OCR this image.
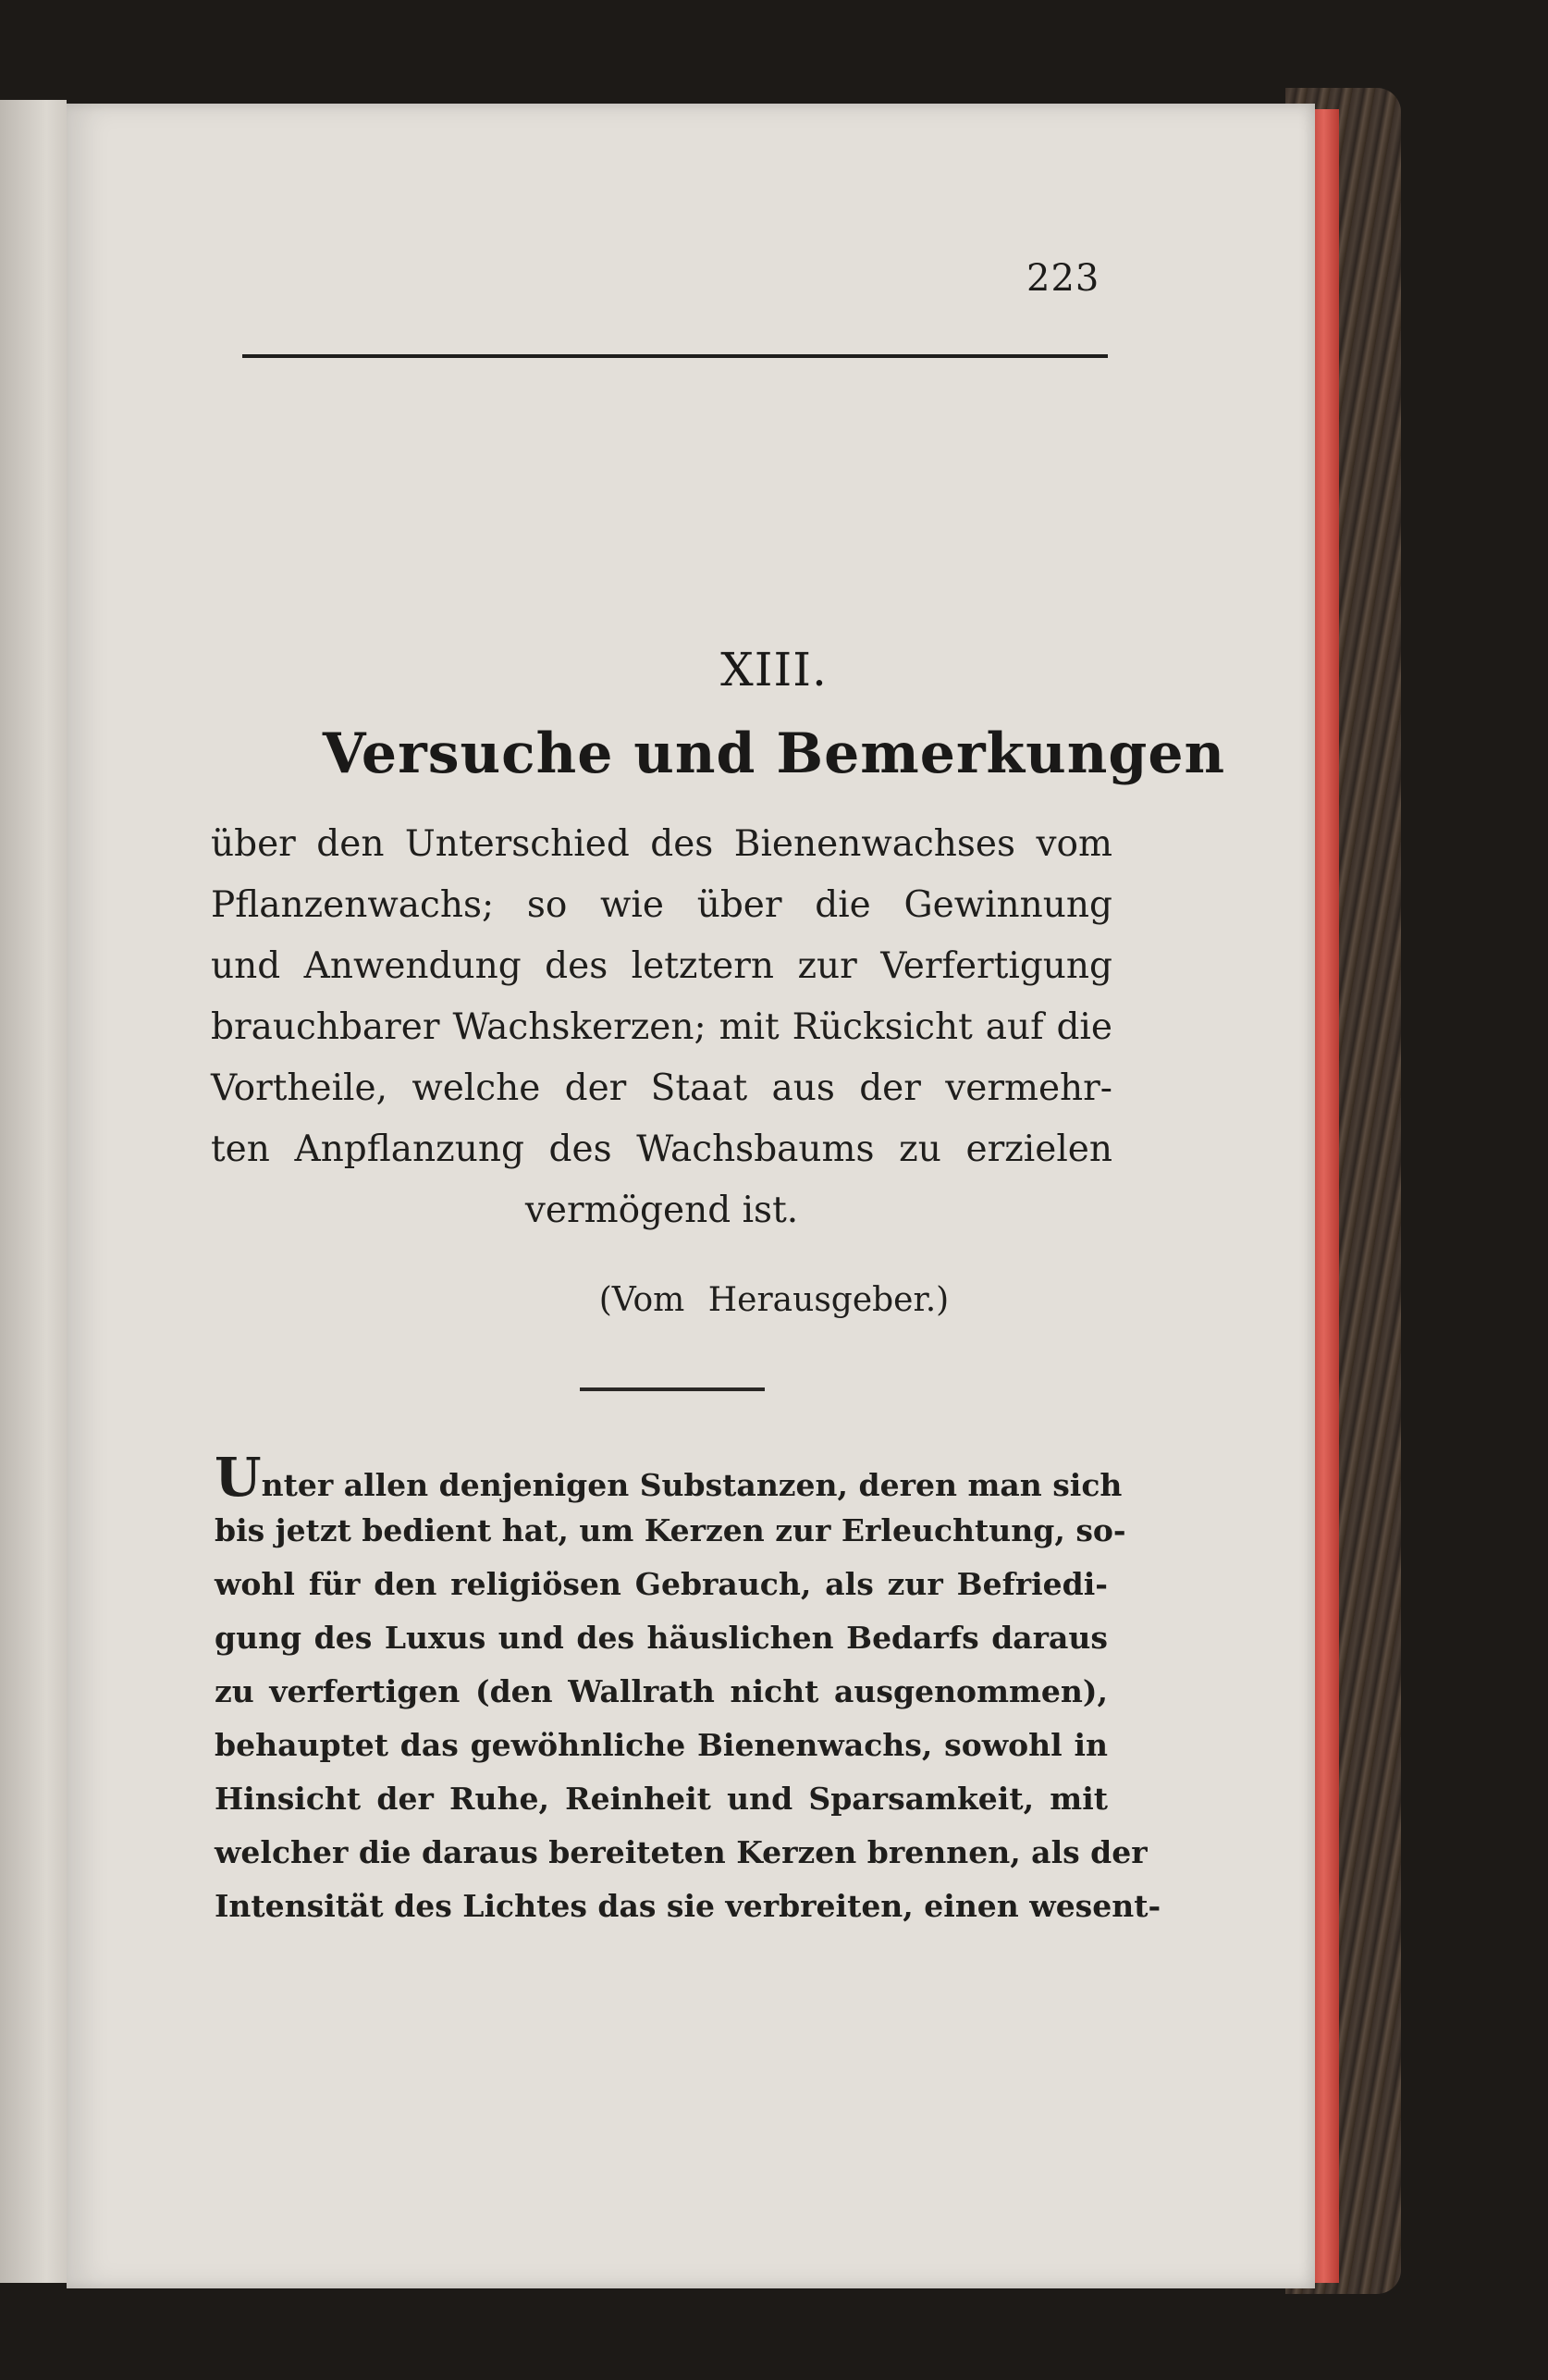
223
XIII.
Versuche und Bemerkungen
über den Unterschied des Bienenwachses vom
Pflanzenwachs; so wie über die Gewinnung
und Anwendung des letztern zur Verfertigung
brauchbarer Wachskerzen; mit Rücksicht auf die
Vortheile, welche der Staat aus der vermehr-
ten Anpflanzung des Wachsbaums zu erzielen
vermögend ist.
(Vom Herausgeber.)
Unter allen denjenigen Substanzen, deren man sich
bis jetzt bedient hat, um Kerzen zur Erleuchtung, so-
wohl für den religiösen Gebrauch, als zur Befriedi-
gung des Luxus und des häuslichen Bedarfs daraus
zu verfertigen (den Wallrath nicht ausgenommen),
behauptet das gewöhnliche Bienenwachs, sowohl in
Hinsicht der Ruhe, Reinheit und Sparsamkeit, mit
welcher die daraus bereiteten Kerzen brennen, als der
Intensität des Lichtes das sie verbreiten, einen wesent-
